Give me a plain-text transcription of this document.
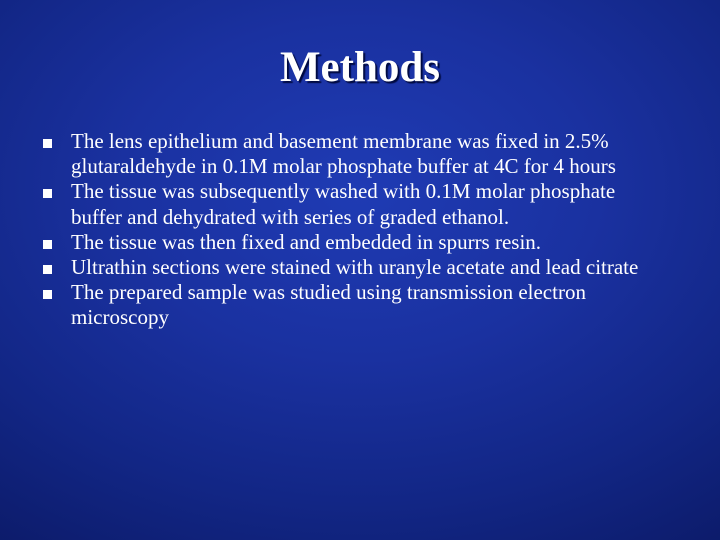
Methods
The lens epithelium and basement membrane was fixed in 2.5% glutaraldehyde in 0.1M molar phosphate buffer at 4C for 4 hours
The tissue was subsequently washed with 0.1M molar phosphate buffer and dehydrated with series of graded ethanol.
The tissue was then fixed and embedded in spurrs resin.
Ultrathin sections were stained with uranyle acetate and lead citrate
The prepared sample was studied using transmission electron microscopy
